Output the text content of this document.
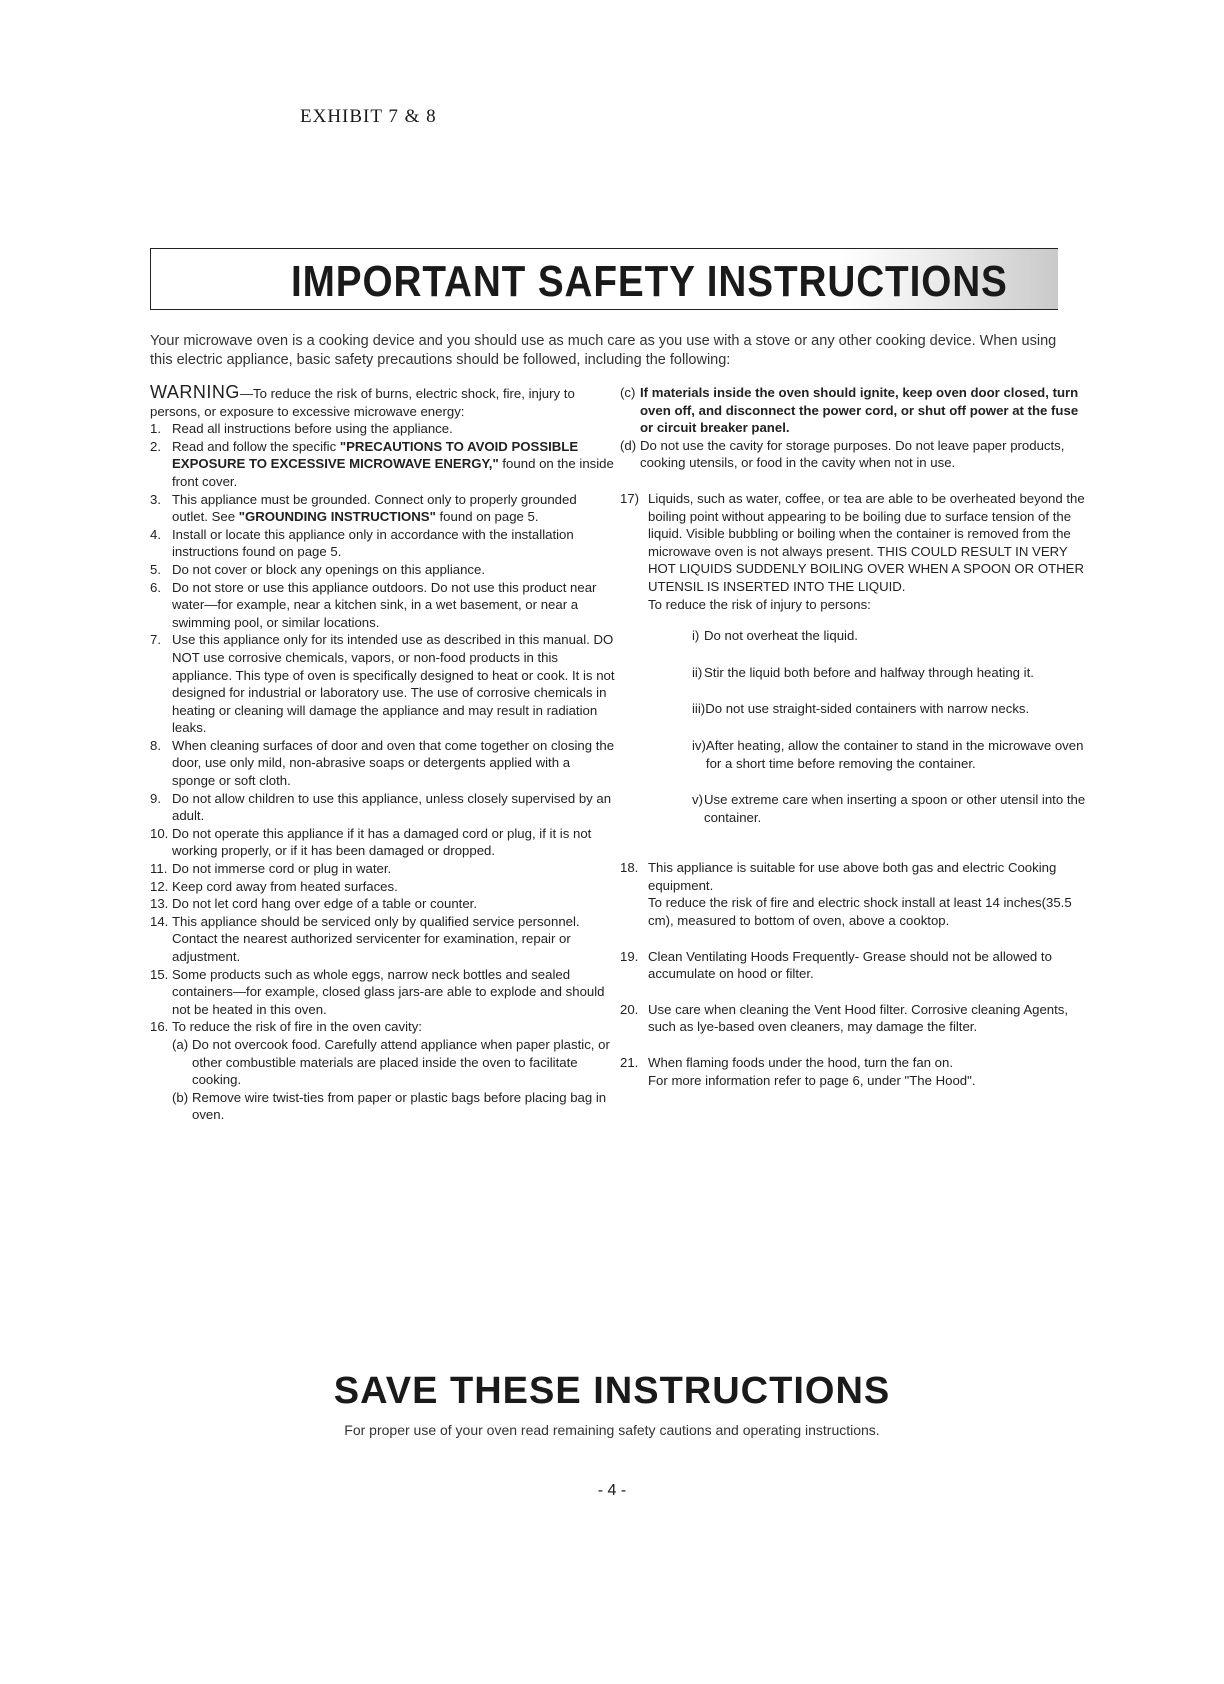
EXHIBIT 7 & 8
IMPORTANT SAFETY INSTRUCTIONS
Your microwave oven is a cooking device and you should use as much care as you use with a stove or any other cooking device. When using this electric appliance, basic safety precautions should be followed, including the following:
WARNING—To reduce the risk of burns, electric shock, fire, injury to persons, or exposure to excessive microwave energy:
1. Read all instructions before using the appliance.
2. Read and follow the specific "PRECAUTIONS TO AVOID POSSIBLE EXPOSURE TO EXCESSIVE MICROWAVE ENERGY," found on the inside front cover.
3. This appliance must be grounded. Connect only to properly grounded outlet. See "GROUNDING INSTRUCTIONS" found on page 5.
4. Install or locate this appliance only in accordance with the installation instructions found on page 5.
5. Do not cover or block any openings on this appliance.
6. Do not store or use this appliance outdoors. Do not use this product near water—for example, near a kitchen sink, in a wet basement, or near a swimming pool, or similar locations.
7. Use this appliance only for its intended use as described in this manual. DO NOT use corrosive chemicals, vapors, or non-food products in this appliance. This type of oven is specifically designed to heat or cook. It is not designed for industrial or laboratory use. The use of corrosive chemicals in heating or cleaning will damage the appliance and may result in radiation leaks.
8. When cleaning surfaces of door and oven that come together on closing the door, use only mild, non-abrasive soaps or detergents applied with a sponge or soft cloth.
9. Do not allow children to use this appliance, unless closely supervised by an adult.
10. Do not operate this appliance if it has a damaged cord or plug, if it is not working properly, or if it has been damaged or dropped.
11. Do not immerse cord or plug in water.
12. Keep cord away from heated surfaces.
13. Do not let cord hang over edge of a table or counter.
14. This appliance should be serviced only by qualified service personnel. Contact the nearest authorized servicenter for examination, repair or adjustment.
15. Some products such as whole eggs, narrow neck bottles and sealed containers—for example, closed glass jars-are able to explode and should not be heated in this oven.
16. To reduce the risk of fire in the oven cavity:
(a) Do not overcook food. Carefully attend appliance when paper plastic, or other combustible materials are placed inside the oven to facilitate cooking.
(b) Remove wire twist-ties from paper or plastic bags before placing bag in oven.
(c) If materials inside the oven should ignite, keep oven door closed, turn oven off, and disconnect the power cord, or shut off power at the fuse or circuit breaker panel.
(d) Do not use the cavity for storage purposes. Do not leave paper products, cooking utensils, or food in the cavity when not in use.
17) Liquids, such as water, coffee, or tea are able to be overheated beyond the boiling point without appearing to be boiling due to surface tension of the liquid. Visible bubbling or boiling when the container is removed from the microwave oven is not always present. THIS COULD RESULT IN VERY HOT LIQUIDS SUDDENLY BOILING OVER WHEN A SPOON OR OTHER UTENSIL IS INSERTED INTO THE LIQUID.
To reduce the risk of injury to persons:
i) Do not overheat the liquid.
ii) Stir the liquid both before and halfway through heating it.
iii) Do not use straight-sided containers with narrow necks.
iv) After heating, allow the container to stand in the microwave oven for a short time before removing the container.
v) Use extreme care when inserting a spoon or other utensil into the container.
18. This appliance is suitable for use above both gas and electric Cooking equipment.
To reduce the risk of fire and electric shock install at least 14 inches(35.5 cm), measured to bottom of oven, above a cooktop.
19. Clean Ventilating Hoods Frequently- Grease should not be allowed to accumulate on hood or filter.
20. Use care when cleaning the Vent Hood filter. Corrosive cleaning Agents, such as lye-based oven cleaners, may damage the filter.
21. When flaming foods under the hood, turn the fan on.
For more information refer to page 6, under "The Hood".
SAVE THESE INSTRUCTIONS
For proper use of your oven read remaining safety cautions and operating instructions.
- 4 -
